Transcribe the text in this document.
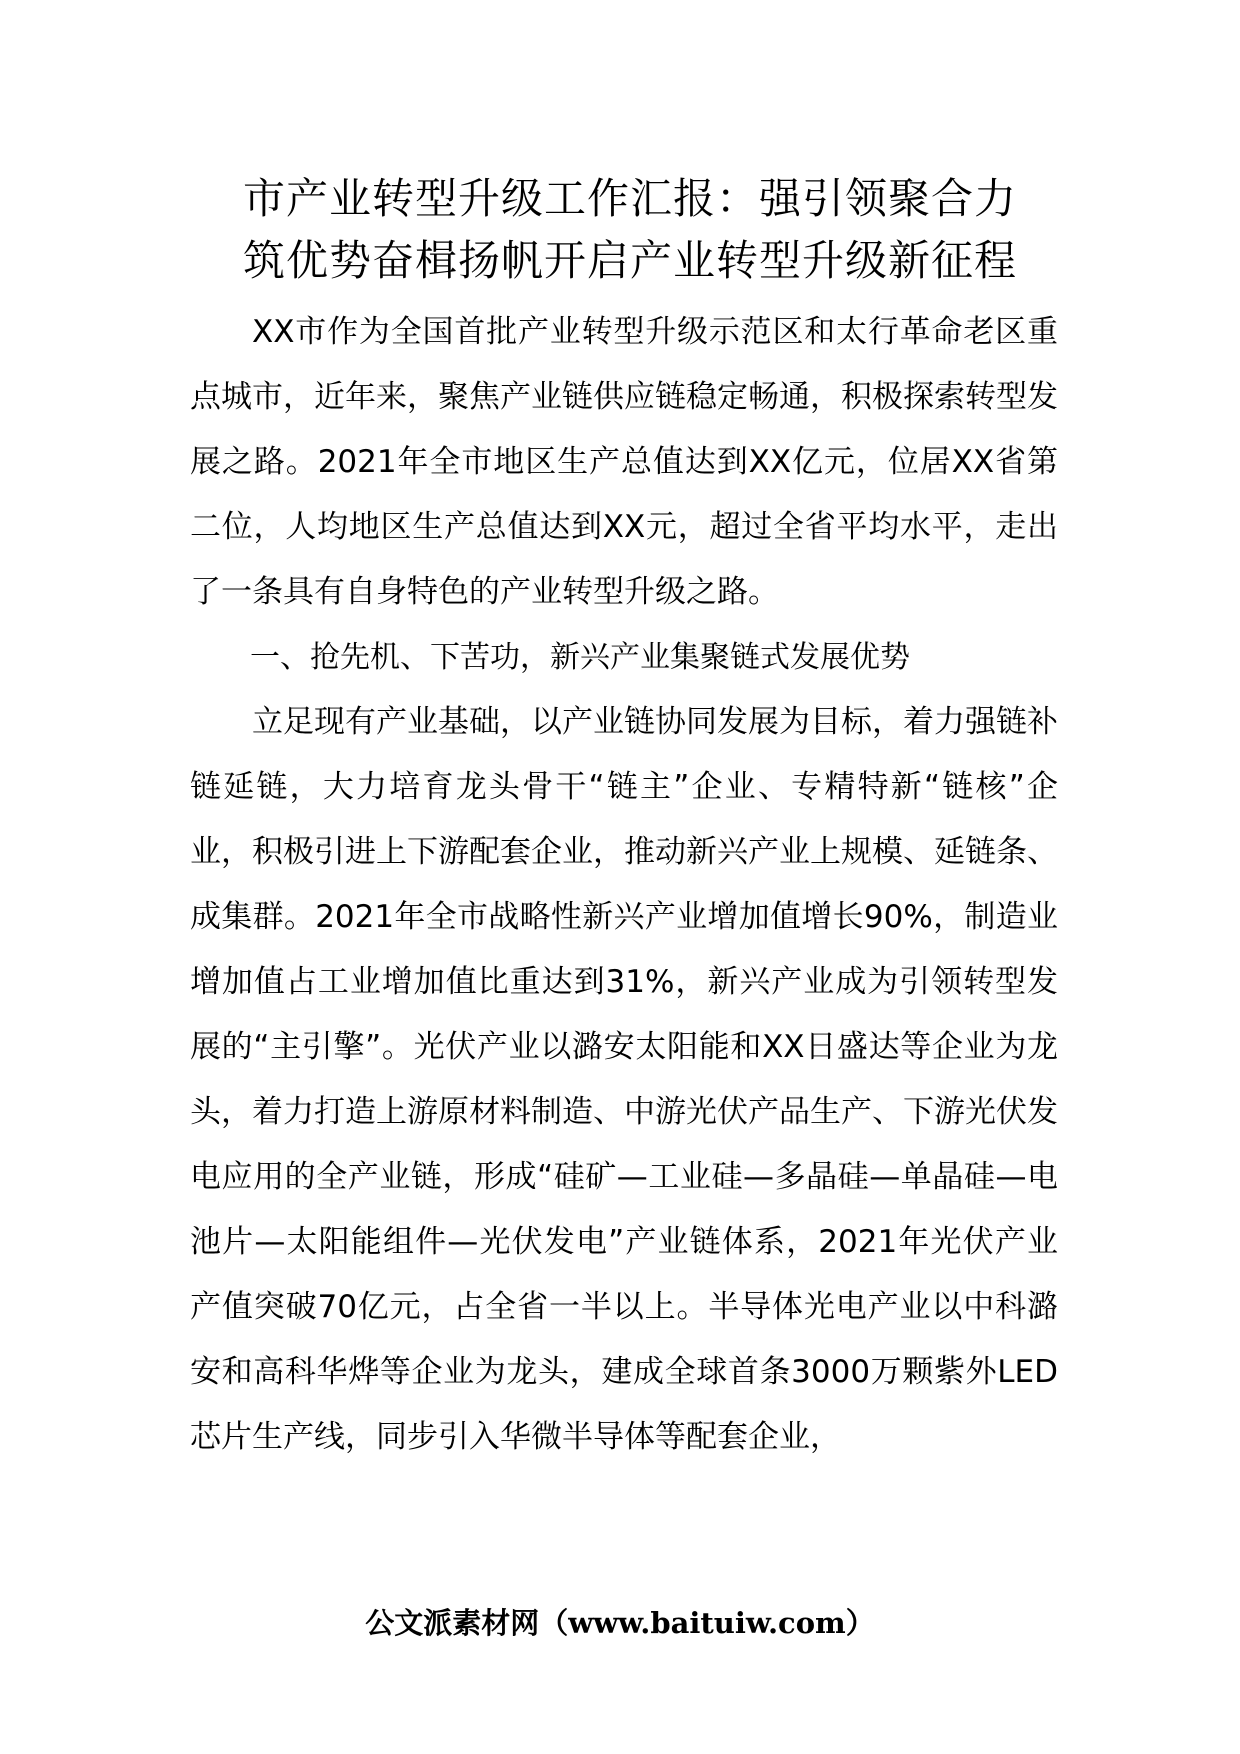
市产业转型升级工作汇报：强引领聚合力
筑优势奋楫扬帆开启产业转型升级新征程

XX市作为全国首批产业转型升级示范区和太行革命老区重点城市，近年来，聚焦产业链供应链稳定畅通，积极探索转型发展之路。2021年全市地区生产总值达到XX亿元，位居XX省第二位，人均地区生产总值达到XX元，超过全省平均水平，走出了一条具有自身特色的产业转型升级之路。

一、抢先机、下苦功，新兴产业集聚链式发展优势

立足现有产业基础，以产业链协同发展为目标，着力强链补链延链，大力培育龙头骨干“链主”企业、专精特新“链核”企业，积极引进上下游配套企业，推动新兴产业上规模、延链条、成集群。2021年全市战略性新兴产业增加值增长90%，制造业增加值占工业增加值比重达到31%，新兴产业成为引领转型发展的“主引擎”。光伏产业以潞安太阳能和XX日盛达等企业为龙头，着力打造上游原材料制造、中游光伏产品生产、下游光伏发电应用的全产业链，形成“硅矿—工业硅—多晶硅—单晶硅—电池片—太阳能组件—光伏发电”产业链体系，2021年光伏产业产值突破70亿元，占全省一半以上。半导体光电产业以中科潞安和高科华烨等企业为龙头，建成全球首条3000万颗紫外LED芯片生产线，同步引入华微半导体等配套企业，

公文派素材网（www.baituiw.com）
